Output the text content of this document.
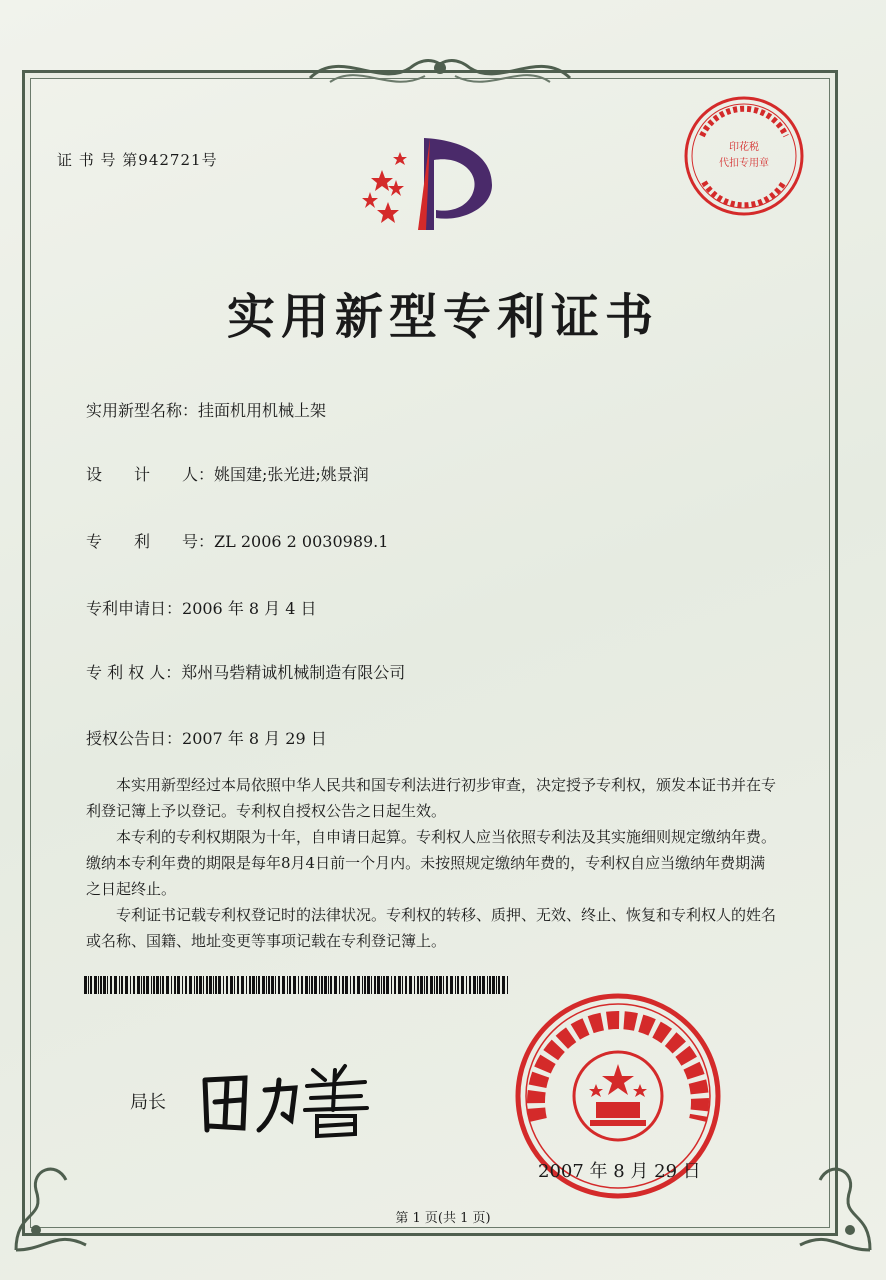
证 书 号 第942721号
印花税
代扣专用章
实用新型专利证书
实用新型名称：挂面机用机械上架
设　　计　　人：姚国建;张光进;姚景润
专　　利　　号：ZL 2006 2 0030989.1
专利申请日：2006 年 8 月 4 日
专 利 权 人：郑州马砦精诚机械制造有限公司
授权公告日：2007 年 8 月 29 日

本实用新型经过本局依照中华人民共和国专利法进行初步审查，决定授予专利权，颁发本证书并在专利登记簿上予以登记。专利权自授权公告之日起生效。

本专利的专利权期限为十年，自申请日起算。专利权人应当依照专利法及其实施细则规定缴纳年费。缴纳本专利年费的期限是每年8月4日前一个月内。未按照规定缴纳年费的，专利权自应当缴纳年费期满之日起终止。

专利证书记载专利权登记时的法律状况。专利权的转移、质押、无效、终止、恢复和专利权人的姓名或名称、国籍、地址变更等事项记载在专利登记簿上。

局长
2007 年 8 月 29 日
第 1 页(共 1 页)
